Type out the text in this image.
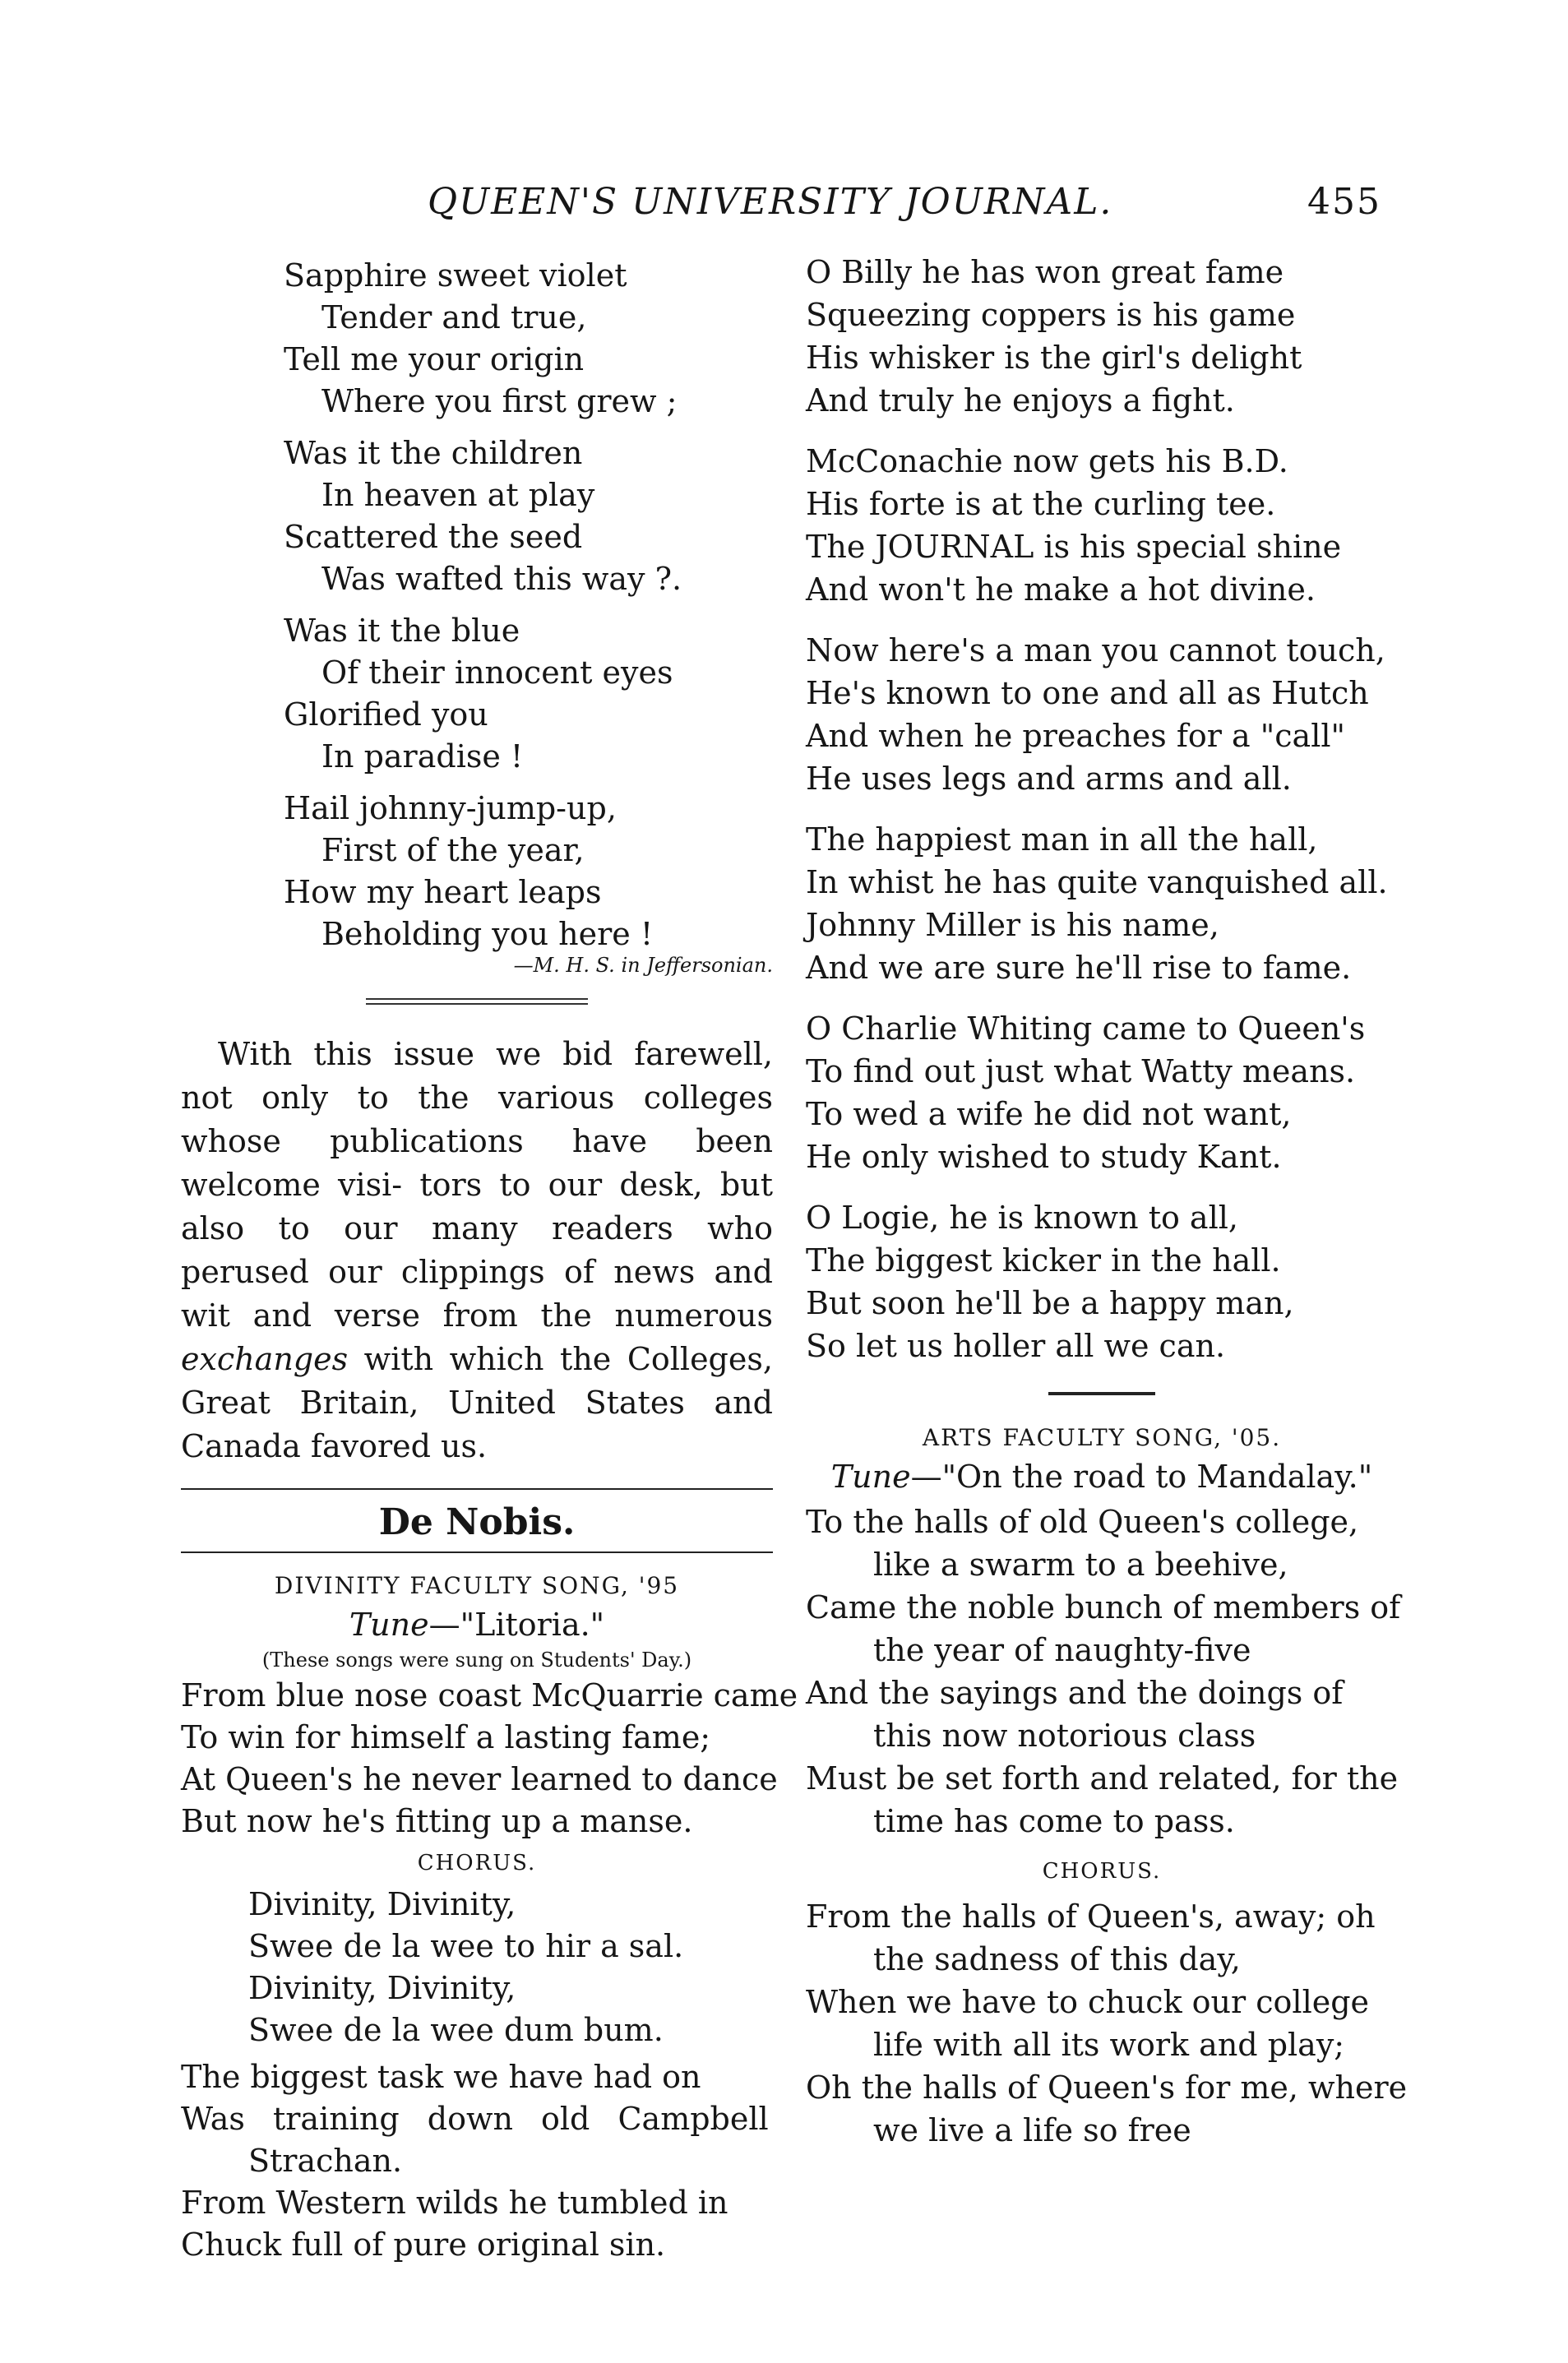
QUEEN'S UNIVERSITY JOURNAL.	455
Sapphire sweet violet
Tender and true,
Tell me your origin
Where you first grew ;
Was it the children
In heaven at play
Scattered the seed
Was wafted this way ?.
Was it the blue
Of their innocent eyes
Glorified you
In paradise !
Hail johnny-jump-up,
First of the year,
How my heart leaps
Beholding you here !
—M. H. S. in Jeffersonian.
With this issue we bid farewell, not only to the various colleges whose publications have been welcome visi- tors to our desk, but also to our many readers who perused our clippings of news and wit and verse from the numerous exchanges with which the Colleges, Great Britain, United States and Canada favored us.
De Nobis.
DIVINITY FACULTY SONG, '95
Tune—"Litoria."
(These songs were sung on Students' Day.)
From blue nose coast McQuarrie came
To win for himself a lasting fame;
At Queen's he never learned to dance
But now he's fitting up a manse.
CHORUS.
Divinity, Divinity,
Swee de la wee to hir a sal.
Divinity, Divinity,
Swee de la wee dum bum.
The biggest task we have had on
Was training down old Campbell
Strachan.
From Western wilds he tumbled in
Chuck full of pure original sin.
O Billy he has won great fame
Squeezing coppers is his game
His whisker is the girl's delight
And truly he enjoys a fight.
McConachie now gets his B.D.
His forte is at the curling tee.
The JOURNAL is his special shine
And won't he make a hot divine.
Now here's a man you cannot touch,
He's known to one and all as Hutch
And when he preaches for a "call"
He uses legs and arms and all.
The happiest man in all the hall,
In whist he has quite vanquished all.
Johnny Miller is his name,
And we are sure he'll rise to fame.
O Charlie Whiting came to Queen's
To find out just what Watty means.
To wed a wife he did not want,
He only wished to study Kant.
O Logie, he is known to all,
The biggest kicker in the hall.
But soon he'll be a happy man,
So let us holler all we can.
ARTS FACULTY SONG, '05.
Tune—"On the road to Mandalay."
To the halls of old Queen's college,
like a swarm to a beehive,
Came the noble bunch of members of
the year of naughty-five
And the sayings and the doings of
this now notorious class
Must be set forth and related, for the
time has come to pass.
CHORUS.
From the halls of Queen's, away; oh
the sadness of this day,
When we have to chuck our college
life with all its work and play;
Oh the halls of Queen's for me, where
we live a life so free
